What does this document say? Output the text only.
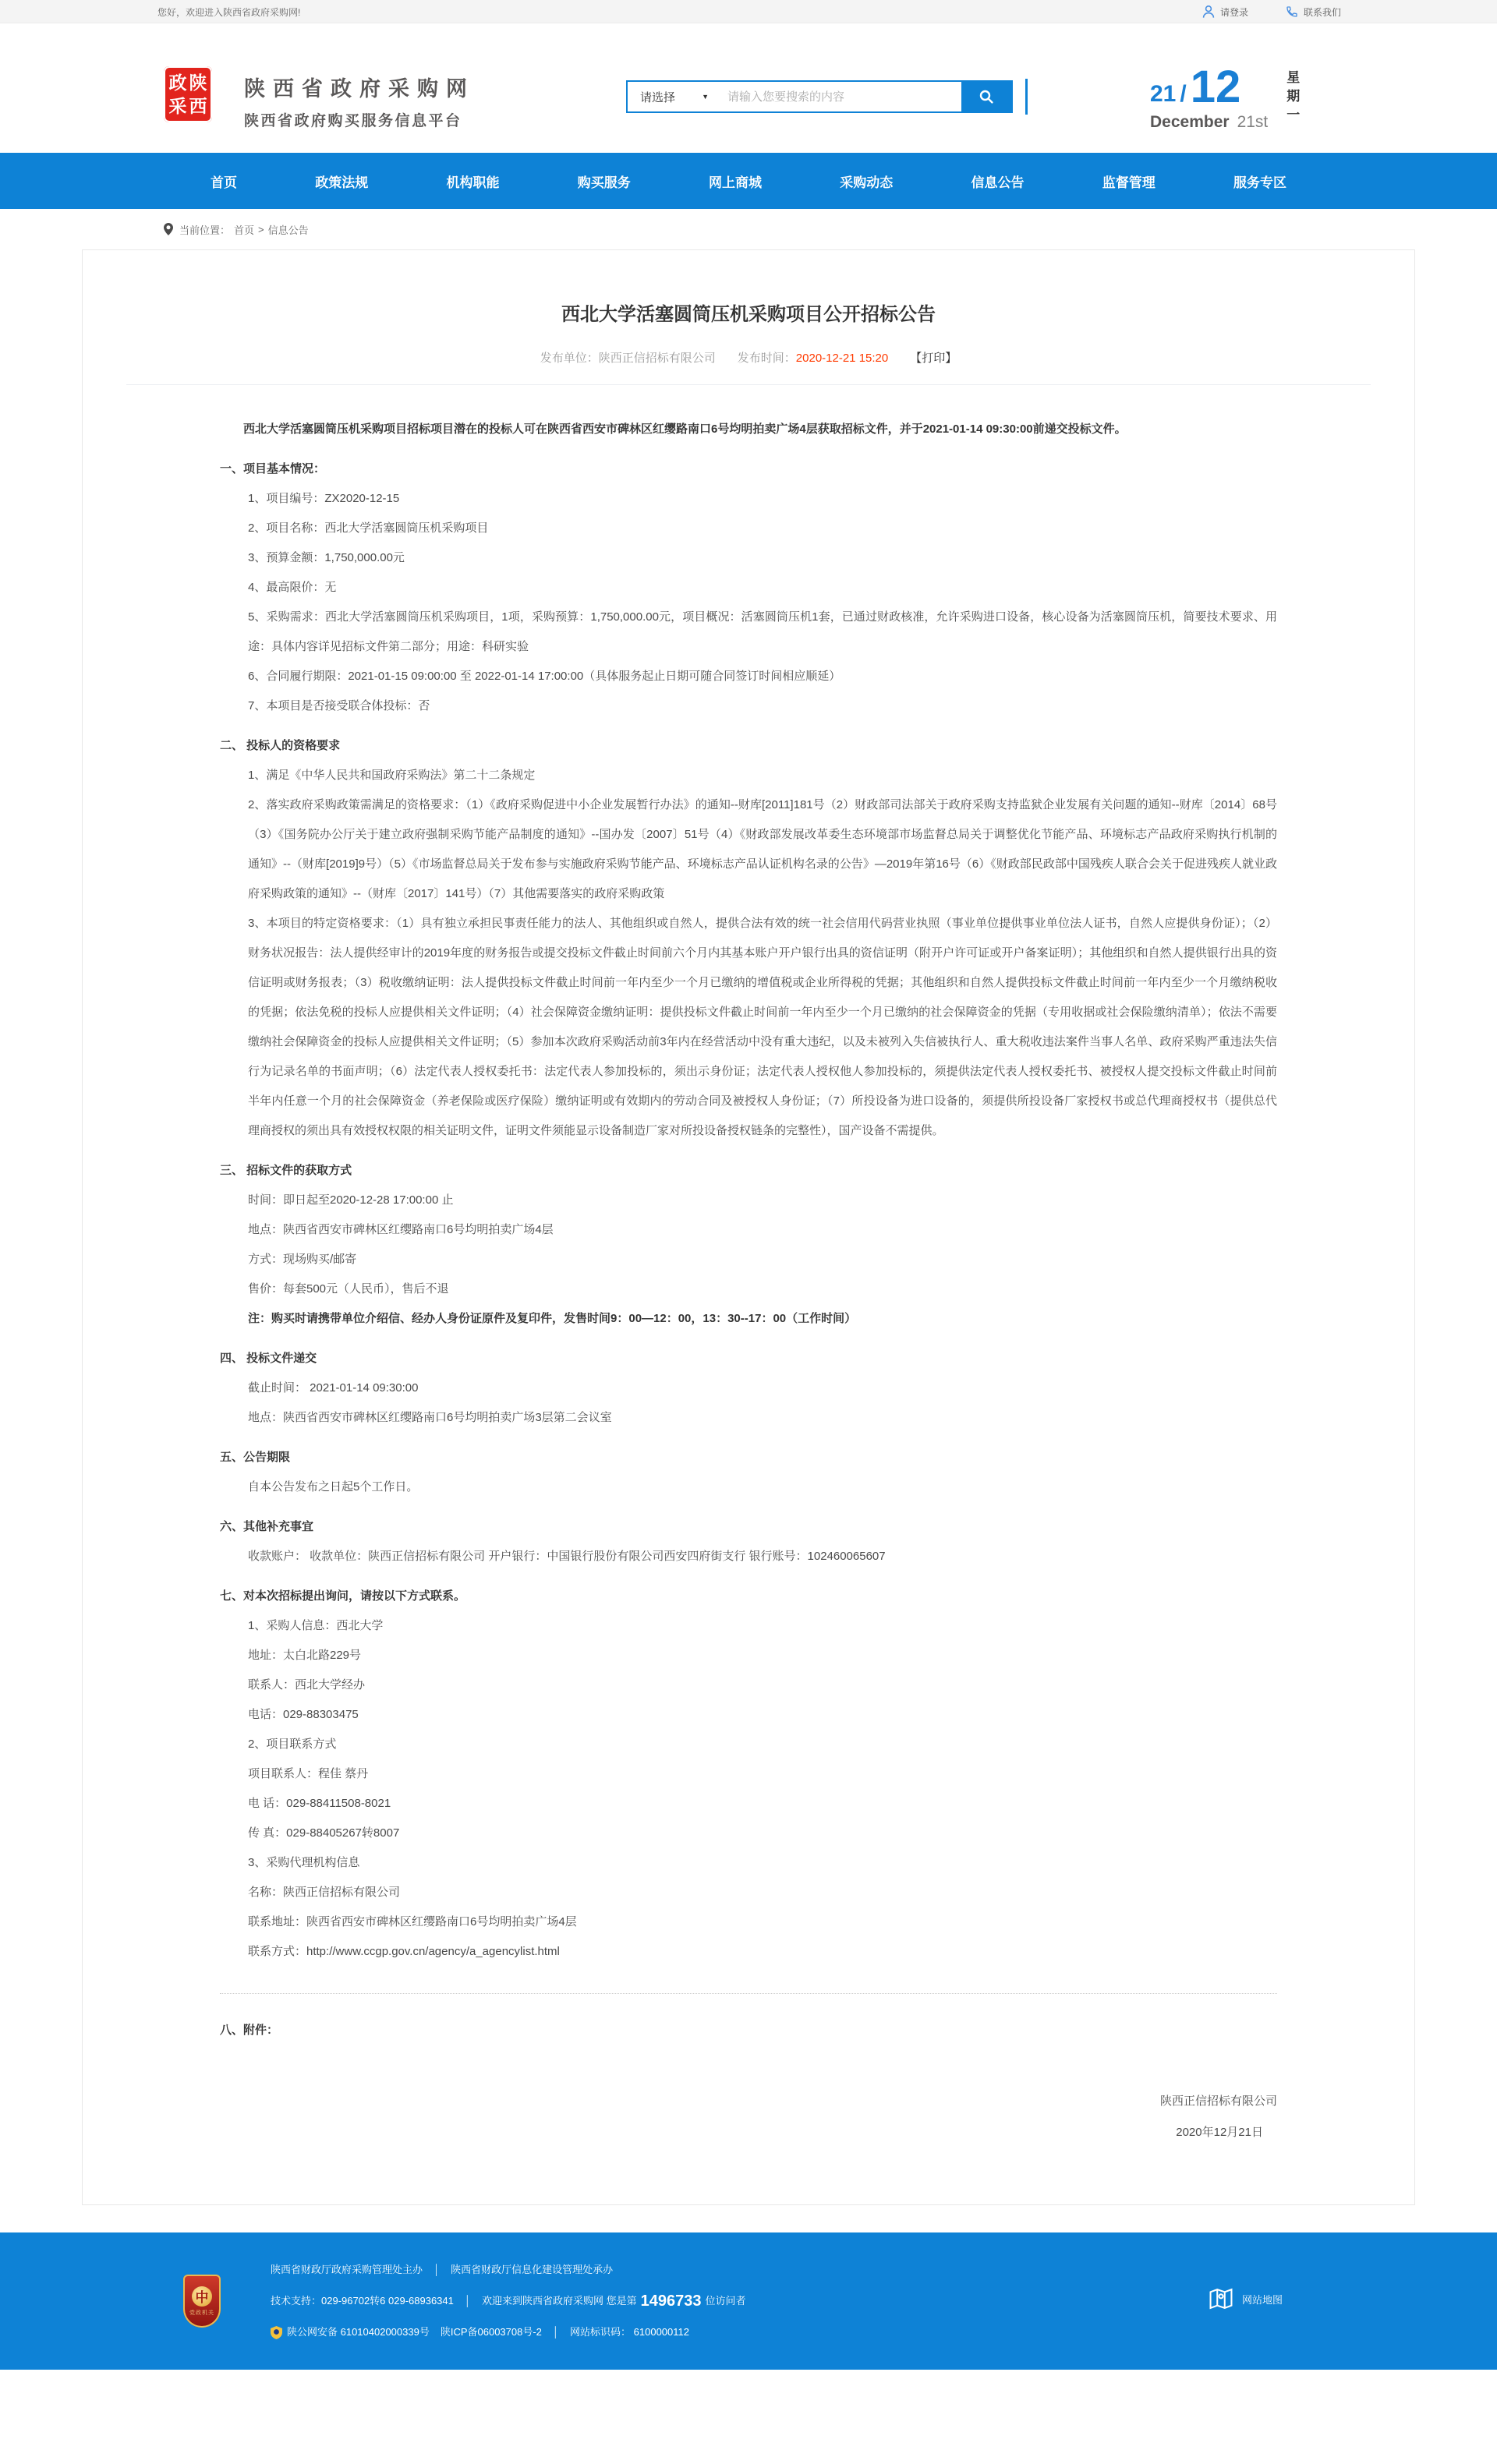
您好，欢迎进入陕西省政府采购网!	请登录	联系我们
政 陕
采 西
陕西省政府采购网
陕西省政府购买服务信息平台
请选择	▼
请输入您要搜索的内容	21 / 12
December 21st 星期一
首页	政策法规	机构职能	购买服务	网上商城	采购动态	信息公告	监督管理	服务专区
当前位置： 首页 > 信息公告
西北大学活塞圆筒压机采购项目公开招标公告
发布单位：陕西正信招标有限公司 发布时间：2020-12-21 15:20 【打印】

西北大学活塞圆筒压机采购项目招标项目潜在的投标人可在陕西省西安市碑林区红缨路南口6号均明拍卖广场4层获取招标文件，并于2021-01-14 09:30:00前递交投标文件。

一、项目基本情况：

1、项目编号：ZX2020-12-15

2、项目名称：西北大学活塞圆筒压机采购项目

3、预算金额：1,750,000.00元

4、最高限价：无

5、采购需求：西北大学活塞圆筒压机采购项目，1项，采购预算：1,750,000.00元，项目概况：活塞圆筒压机1套，已通过财政核准，允许采购进口设备，核心设备为活塞圆筒压机，简要技术要求、用途：具体内容详见招标文件第二部分；用途：科研实验

6、合同履行期限：2021-01-15 09:00:00 至 2022-01-14 17:00:00（具体服务起止日期可随合同签订时间相应顺延）

7、本项目是否接受联合体投标：否

二、 投标人的资格要求

1、满足《中华人民共和国政府采购法》第二十二条规定

2、落实政府采购政策需满足的资格要求：（1）《政府采购促进中小企业发展暂行办法》的通知--财库[2011]181号（2）财政部司法部关于政府采购支持监狱企业发展有关问题的通知--财库〔2014〕68号（3）《国务院办公厅关于建立政府强制采购节能产品制度的通知》--国办发〔2007〕51号（4）《财政部发展改革委生态环境部市场监督总局关于调整优化节能产品、环境标志产品政府采购执行机制的通知》--（财库[2019]9号）（5）《市场监督总局关于发布参与实施政府采购节能产品、环境标志产品认证机构名录的公告》—2019年第16号（6）《财政部民政部中国残疾人联合会关于促进残疾人就业政府采购政策的通知》--（财库〔2017〕141号）（7）其他需要落实的政府采购政策

3、本项目的特定资格要求：（1）具有独立承担民事责任能力的法人、其他组织或自然人，提供合法有效的统一社会信用代码营业执照（事业单位提供事业单位法人证书，自然人应提供身份证）；（2）财务状况报告：法人提供经审计的2019年度的财务报告或提交投标文件截止时间前六个月内其基本账户开户银行出具的资信证明（附开户许可证或开户备案证明）；其他组织和自然人提供银行出具的资信证明或财务报表；（3）税收缴纳证明：法人提供投标文件截止时间前一年内至少一个月已缴纳的增值税或企业所得税的凭据；其他组织和自然人提供投标文件截止时间前一年内至少一个月缴纳税收的凭据；依法免税的投标人应提供相关文件证明；（4）社会保障资金缴纳证明：提供投标文件截止时间前一年内至少一个月已缴纳的社会保障资金的凭据（专用收据或社会保险缴纳清单）；依法不需要缴纳社会保障资金的投标人应提供相关文件证明；（5）参加本次政府采购活动前3年内在经营活动中没有重大违纪，以及未被列入失信被执行人、重大税收违法案件当事人名单、政府采购严重违法失信行为记录名单的书面声明；（6）法定代表人授权委托书：法定代表人参加投标的，须出示身份证；法定代表人授权他人参加投标的，须提供法定代表人授权委托书、被授权人提交投标文件截止时间前半年内任意一个月的社会保障资金（养老保险或医疗保险）缴纳证明或有效期内的劳动合同及被授权人身份证；（7）所投设备为进口设备的，须提供所投设备厂家授权书或总代理商授权书（提供总代理商授权的须出具有效授权权限的相关证明文件，证明文件须能显示设备制造厂家对所投设备授权链条的完整性），国产设备不需提供。

三、 招标文件的获取方式

时间：即日起至2020-12-28 17:00:00 止

地点：陕西省西安市碑林区红缨路南口6号均明拍卖广场4层

方式：现场购买/邮寄

售价：每套500元（人民币），售后不退

注：购买时请携带单位介绍信、经办人身份证原件及复印件，发售时间9：00—12：00，13：30--17：00（工作时间）

四、 投标文件递交

截止时间： 2021-01-14 09:30:00

地点：陕西省西安市碑林区红缨路南口6号均明拍卖广场3层第二会议室

五、公告期限

自本公告发布之日起5个工作日。

六、其他补充事宜

收款账户： 收款单位：陕西正信招标有限公司 开户银行：中国银行股份有限公司西安四府街支行 银行账号：102460065607

七、对本次招标提出询问，请按以下方式联系。

1、采购人信息：西北大学

地址：太白北路229号

联系人：西北大学经办

电话：029-88303475

2、项目联系方式

项目联系人：程佳 蔡丹

电 话：029-88411508-8021

传 真：029-88405267转8007

3、采购代理机构信息

名称：陕西正信招标有限公司

联系地址：陕西省西安市碑林区红缨路南口6号均明拍卖广场4层

联系方式：http://www.ccgp.gov.cn/agency/a_agencylist.html

八、附件：

陕西正信招标有限公司
2020年12月21日
中
党政机关
陕西省财政厅政府采购管理处主办 │ 陕西省财政厅信息化建设管理处承办
技术支持：029-96702转6 029-68936341 │ 欢迎来到陕西省政府采购网 您是第 1496733 位访问者
陕公网安备 61010402000339号 陕ICP备06003708号-2 │ 网站标识码： 6100000112
网站地图
